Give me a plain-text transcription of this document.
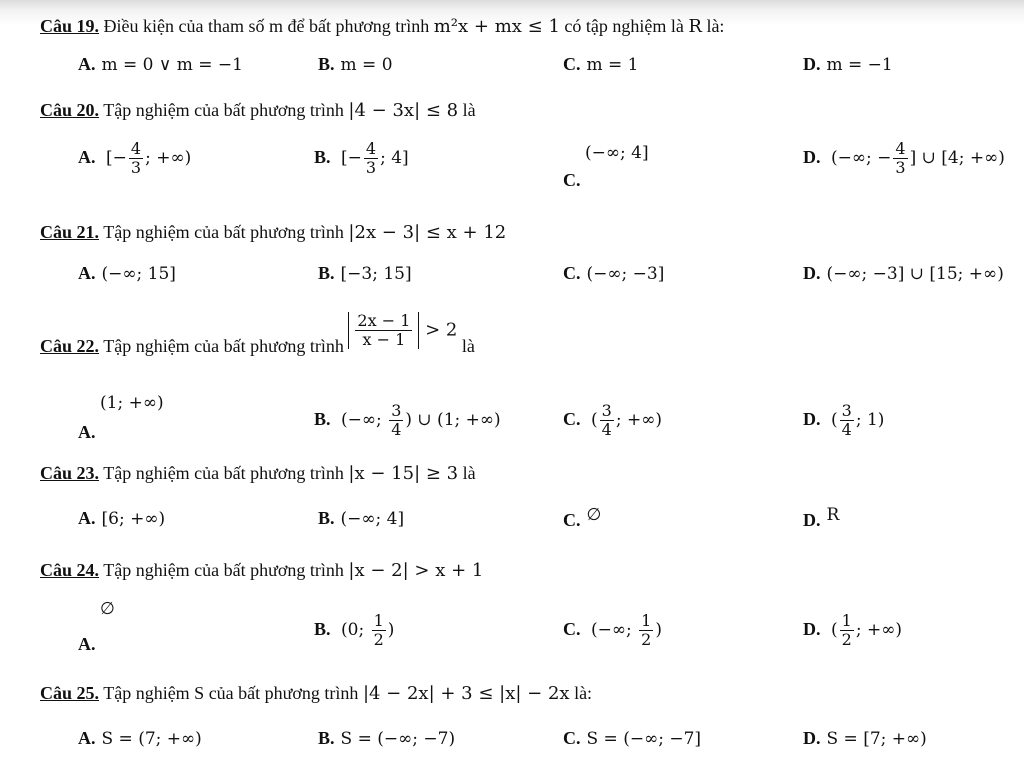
Câu 19. Điều kiện của tham số m để bất phương trình m²x + mx ≤ 1 có tập nghiệm là R là:
A. m = 0 ∨ m = −1	B. m = 0	C. m = 1	D. m = −1
Câu 20. Tập nghiệm của bất phương trình |4 − 3x| ≤ 8 là
A. [− $\frac{4}{3}$ ; +∞)	B. [− $\frac{4}{3}$ ; 4]
C.
(−∞; 4]	D. (−∞; − $\frac{4}{3}$ ] ∪ [4; +∞)
Câu 21. Tập nghiệm của bất phương trình |2x − 3| ≤ x + 12
A. (−∞; 15]	B. [−3; 15]	C. (−∞; −3]	D. (−∞; −3] ∪ [15; +∞)
Câu 22. Tập nghiệm của bất phương trình $\frac{2x - 1}{x - 1} > 2$ là
A.
(1; +∞)
B. (−∞; $\frac{3}{4}$ ) ∪ (1; +∞)	C. ( $\frac{3}{4}$ ; +∞)	D. ( $\frac{3}{4}$ ; 1)
Câu 23. Tập nghiệm của bất phương trình |x − 15| ≥ 3 là
A. [6; +∞)	B. (−∞; 4]	C. ∅	D. R
Câu 24. Tập nghiệm của bất phương trình |x − 2| > x + 1
A.
∅
B. (0; $\frac{1}{2}$ )	C. (−∞; $\frac{1}{2}$ )	D. ( $\frac{1}{2}$ ; +∞)
Câu 25. Tập nghiệm S của bất phương trình |4 − 2x| + 3 ≤ |x| − 2x là:
A. S = (7; +∞)	B. S = (−∞; −7)	C. S = (−∞; −7]	D. S = [7; +∞)
